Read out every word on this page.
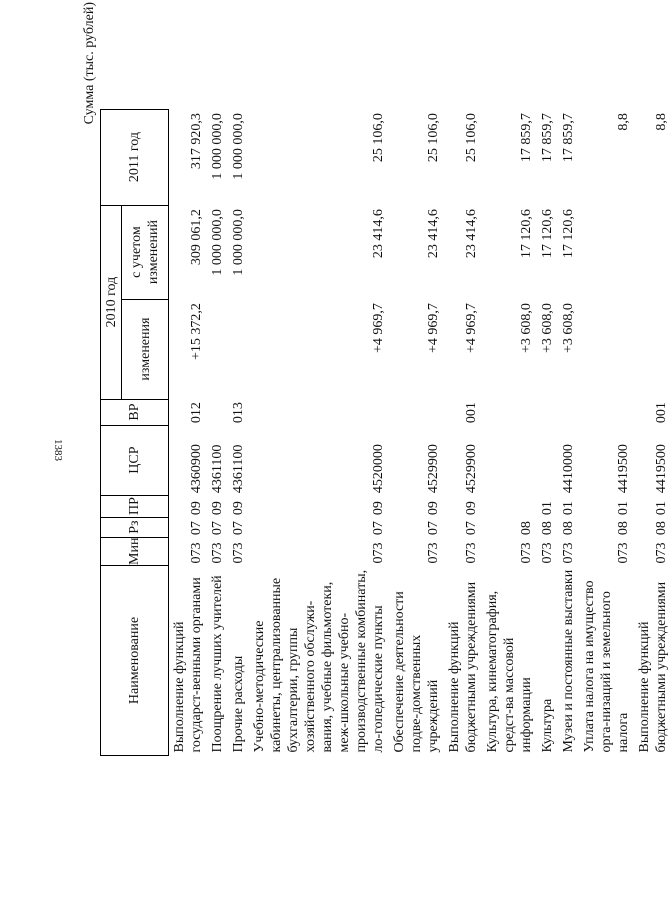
1383
Сумма (тыс. рублей)
Наименование	Мин	Рз	ПР	ЦСР	ВР	2010 год		2011 год
						изменения	с учетом изменений	
Выполнение функций государст-венными органами	073	07	09	4360900	012	+15 372,2	309 061,2	317 920,3
Поощрение лучших учителей	073	07	09	4361100			1 000 000,0	1 000 000,0
Прочие расходы	073	07	09	4361100	013		1 000 000,0	1 000 000,0
Учебно-методические кабинеты, централизованные бухгалтерии, группы хозяйственного обслужи-вания, учебные фильмотеки, меж-школьные учебно-производственные комбинаты, ло-гопедические пункты	073	07	09	4520000		+4 969,7	23 414,6	25 106,0
Обеспечение деятельности подве-домственных учреждений	073	07	09	4529900		+4 969,7	23 414,6	25 106,0
Выполнение функций бюджетными учреждениями	073	07	09	4529900	001	+4 969,7	23 414,6	25 106,0
Культура, кинематография, средст-ва массовой информации	073	08				+3 608,0	17 120,6	17 859,7
Культура	073	08	01			+3 608,0	17 120,6	17 859,7
Музеи и постоянные выставки	073	08	01	4410000		+3 608,0	17 120,6	17 859,7
Уплата налога на имущество орга-низаций и земельного налога	073	08	01	4419500				8,8
Выполнение функций бюджетными учреждениями	073	08	01	4419500	001			8,8
